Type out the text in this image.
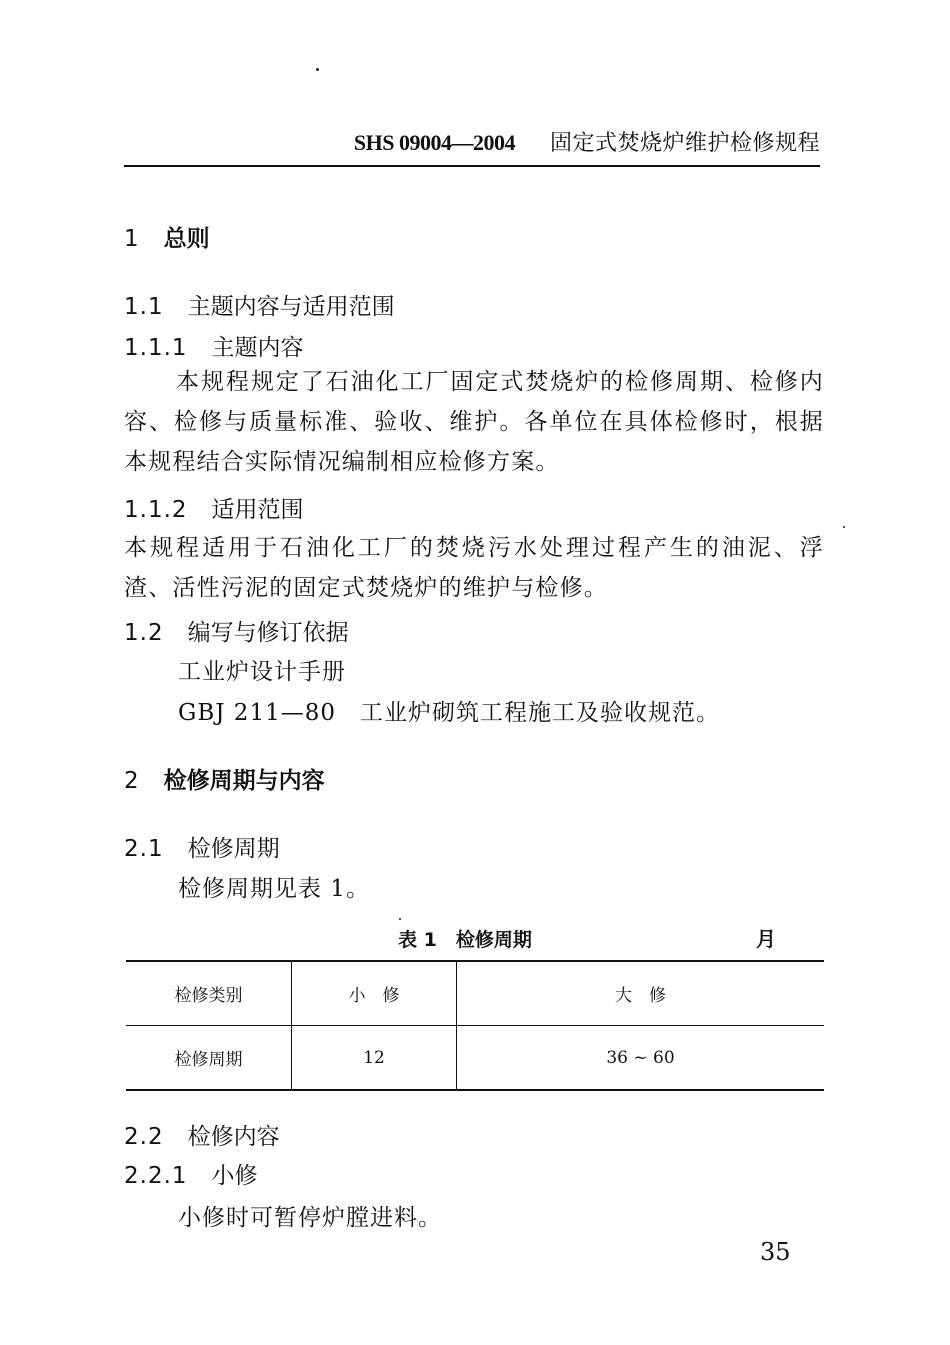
SHS 09004—2004 固定式焚烧炉维护检修规程
1 总则
1.1 主题内容与适用范围
1.1.1 主题内容
本规程规定了石油化工厂固定式焚烧炉的检修周期、检修内容、检修与质量标准、验收、维护。各单位在具体检修时，根据本规程结合实际情况编制相应检修方案。
1.1.2 适用范围
本规程适用于石油化工厂的焚烧污水处理过程产生的油泥、浮渣、活性污泥的固定式焚烧炉的维护与检修。
1.2 编写与修订依据
工业炉设计手册
GBJ 211—80　工业炉砌筑工程施工及验收规范。
2 检修周期与内容
2.1 检修周期
检修周期见表 1。
表 1　检修周期	月
检修类别	小　修	大　修
检修周期	12	36 ~ 60
2.2 检修内容
2.2.1 小修
小修时可暂停炉膛进料。
35
